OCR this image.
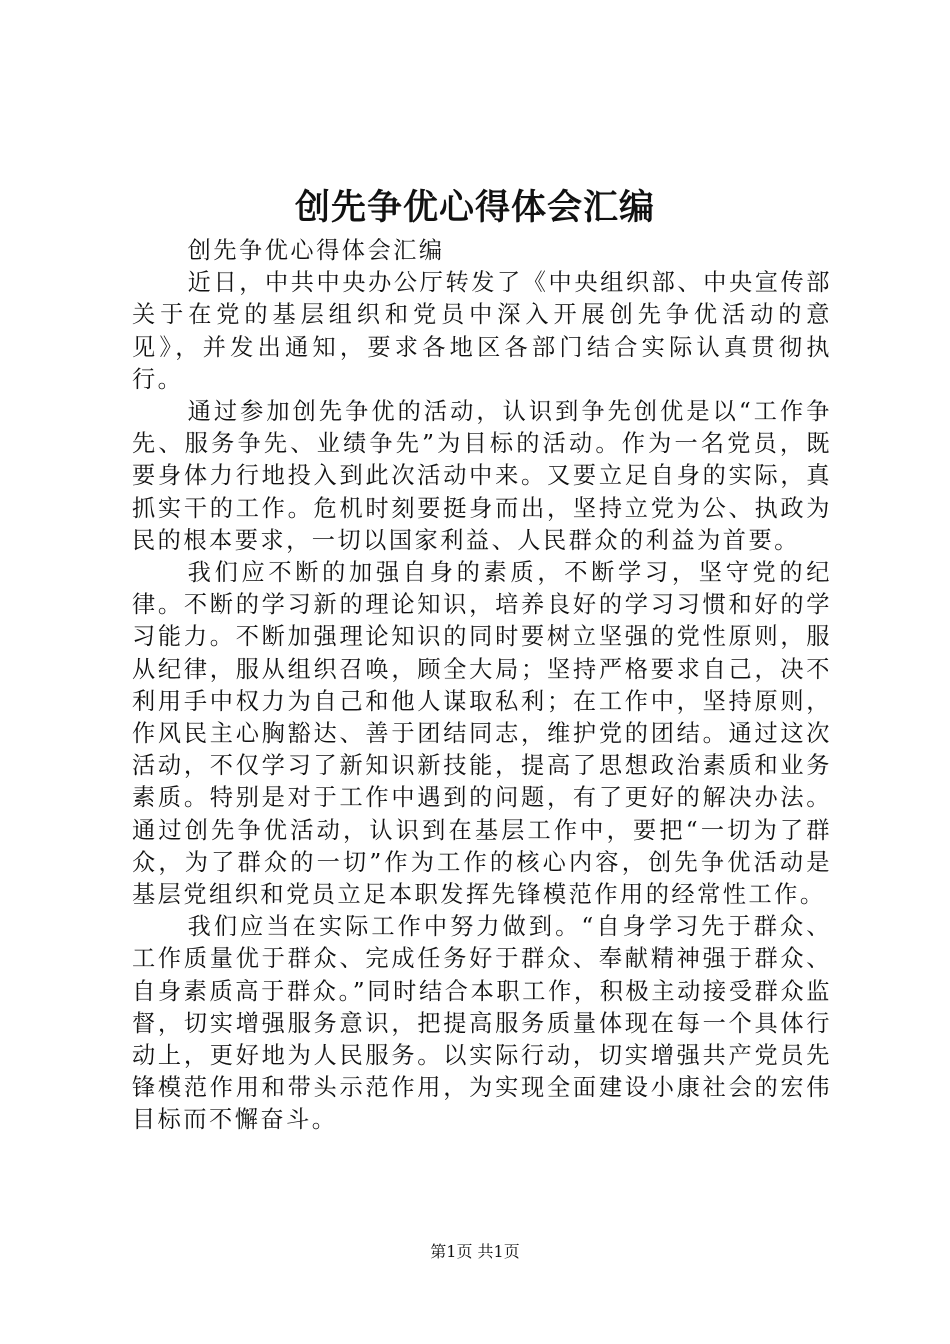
创先争优心得体会汇编

创先争优心得体会汇编

近日，中共中央办公厅转发了《中央组织部、中央宣传部关于在党的基层组织和党员中深入开展创先争优活动的意见》，并发出通知，要求各地区各部门结合实际认真贯彻执行。

通过参加创先争优的活动，认识到争先创优是以“工作争先、服务争先、业绩争先”为目标的活动。作为一名党员，既要身体力行地投入到此次活动中来。又要立足自身的实际，真抓实干的工作。危机时刻要挺身而出，坚持立党为公、执政为民的根本要求，一切以国家利益、人民群众的利益为首要。

我们应不断的加强自身的素质，不断学习，坚守党的纪律。不断的学习新的理论知识，培养良好的学习习惯和好的学习能力。不断加强理论知识的同时要树立坚强的党性原则，服从纪律，服从组织召唤，顾全大局；坚持严格要求自己，决不利用手中权力为自己和他人谋取私利；在工作中，坚持原则，作风民主心胸豁达、善于团结同志，维护党的团结。通过这次活动，不仅学习了新知识新技能，提高了思想政治素质和业务素质。特别是对于工作中遇到的问题，有了更好的解决办法。通过创先争优活动，认识到在基层工作中，要把“一切为了群众，为了群众的一切”作为工作的核心内容，创先争优活动是基层党组织和党员立足本职发挥先锋模范作用的经常性工作。

我们应当在实际工作中努力做到。“自身学习先于群众、工作质量优于群众、完成任务好于群众、奉献精神强于群众、自身素质高于群众。”同时结合本职工作，积极主动接受群众监督，切实增强服务意识，把提高服务质量体现在每一个具体行动上，更好地为人民服务。以实际行动，切实增强共产党员先锋模范作用和带头示范作用，为实现全面建设小康社会的宏伟目标而不懈奋斗。

第1页 共1页
